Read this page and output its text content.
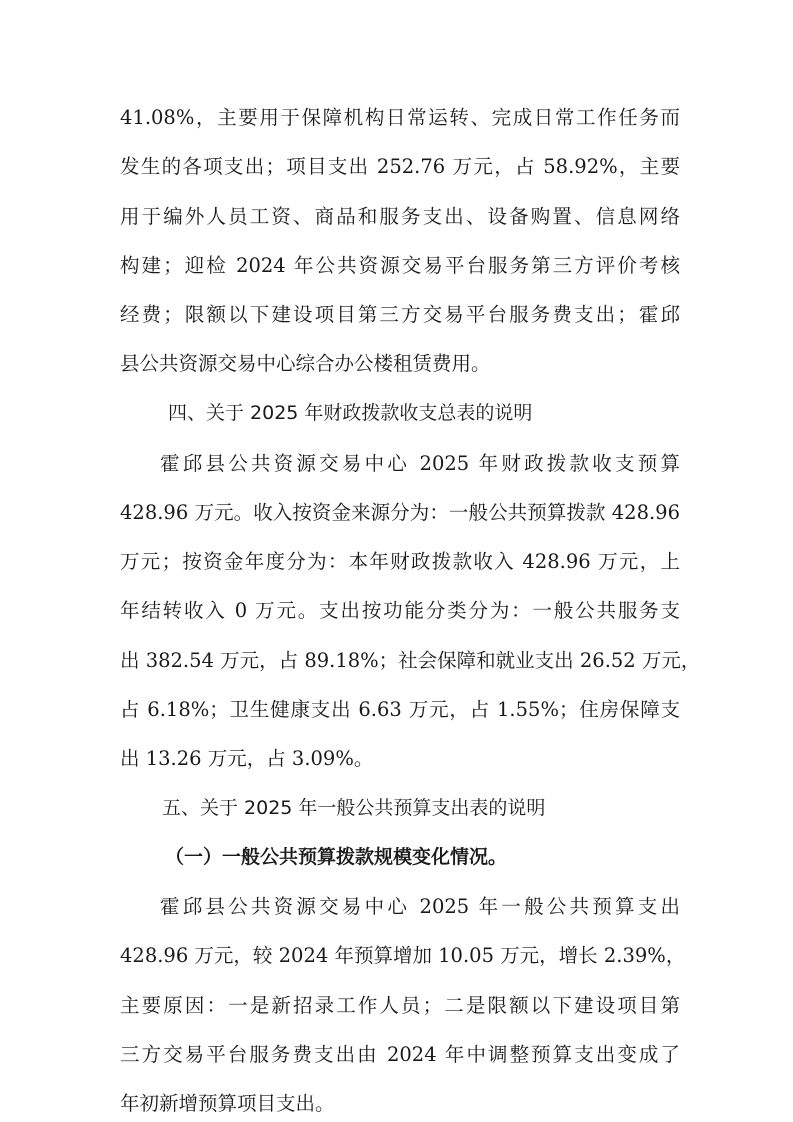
41.08%，主要用于保障机构日常运转、完成日常工作任务而

发生的各项支出；项目支出 252.76 万元，占 58.92%，主要

用于编外人员工资、商品和服务支出、设备购置、信息网络

构建；迎检 2024 年公共资源交易平台服务第三方评价考核

经费；限额以下建设项目第三方交易平台服务费支出；霍邱

县公共资源交易中心综合办公楼租赁费用。

四、关于 2025 年财政拨款收支总表的说明

霍邱县公共资源交易中心 2025 年财政拨款收支预算

428.96 万元。收入按资金来源分为：一般公共预算拨款 428.96

万元；按资金年度分为：本年财政拨款收入 428.96 万元，上

年结转收入 0 万元。支出按功能分类分为：一般公共服务支

出 382.54 万元，占 89.18%；社会保障和就业支出 26.52 万元，

占 6.18%；卫生健康支出 6.63 万元，占 1.55%；住房保障支

出 13.26 万元，占 3.09%。

五、关于 2025 年一般公共预算支出表的说明

（一）一般公共预算拨款规模变化情况。

霍邱县公共资源交易中心 2025 年一般公共预算支出

428.96 万元，较 2024 年预算增加 10.05 万元，增长 2.39%，

主要原因：一是新招录工作人员；二是限额以下建设项目第

三方交易平台服务费支出由 2024 年中调整预算支出变成了

年初新增预算项目支出。
